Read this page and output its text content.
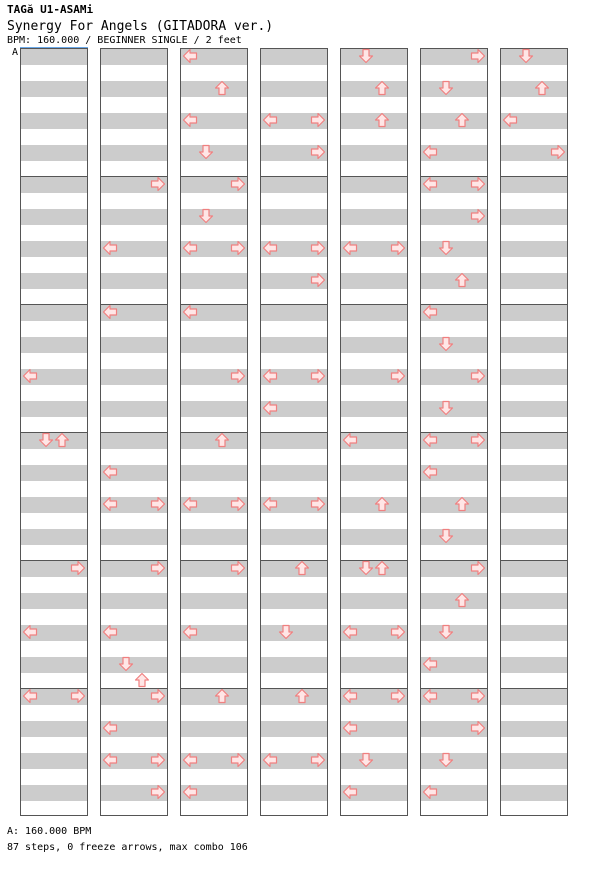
TAGă U1-ASAMi
Synergy For Angels (GITADORA ver.)
BPM: 160.000 / BEGINNER SINGLE / 2 feet
A
A: 160.000 BPM
87 steps, 0 freeze arrows, max combo 106
